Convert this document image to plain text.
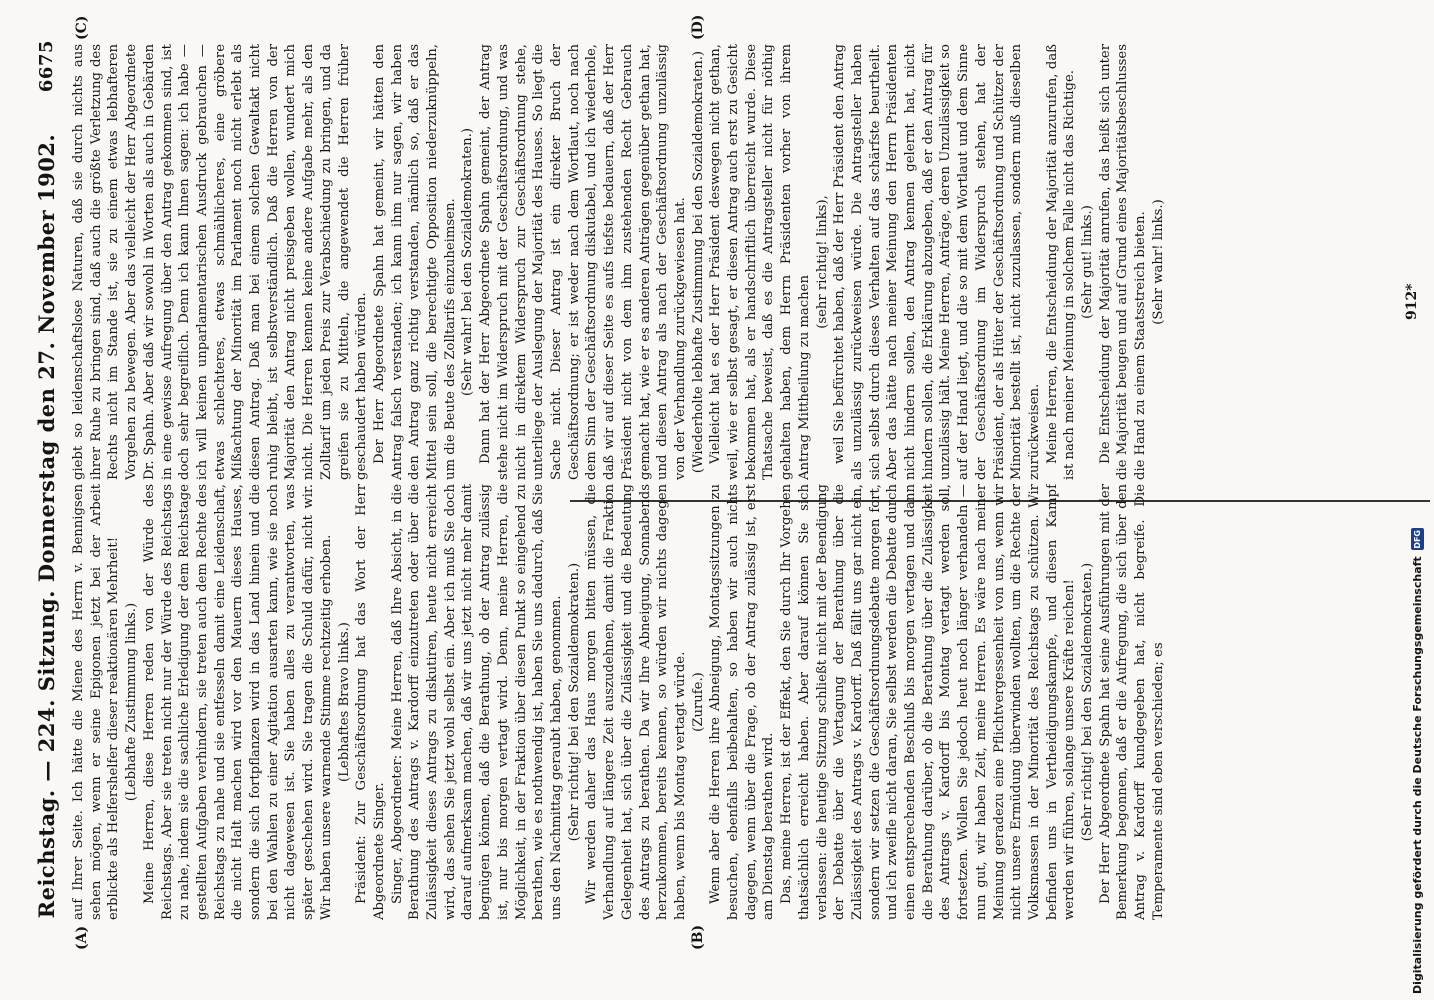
Reichstag. — 224. Sitzung. Donnerstag den 27. November 1902.
6675
(A)	(B)
(C)	(D)

auf Ihrer Seite. Ich hätte die Miene des Herrn v. Bennigsen sehen mögen, wenn er seine Epigonen jetzt bei der Arbeit erblickte als Helfershelfer dieser reaktionären Mehrheit! (Lebhafte Zustimmung links.) Meine Herren, diese Herren reden von der Würde des Reichstags. Aber sie treten nicht nur der Würde des Reichstags zu nahe, indem sie die sachliche Erledigung der dem Reichstage gestellten Aufgaben verhindern, sie treten auch dem Rechte des Reichstags zu nahe und sie entfesseln damit eine Leidenschaft, die nicht Halt machen wird vor den Mauern dieses Hauses, sondern die sich fortpflanzen wird in das Land hinein und die bei den Wahlen zu einer Agitation ausarten kann, wie sie noch nicht dagewesen ist. Sie haben alles zu verantworten, was später geschehen wird. Sie tragen die Schuld dafür, nicht wir. Wir haben unsere warnende Stimme rechtzeitig erhoben. (Lebhaftes Bravo links.) Präsident: Zur Geschäftsordnung hat das Wort der Herr Abgeordnete Singer. Singer, Abgeordneter: Meine Herren, daß Ihre Absicht, in die Berathung des Antrags v. Kardorff einzutreten oder über die Zulässigkeit dieses Antrags zu diskutiren, heute nicht erreicht wird, das sehen Sie jetzt wohl selbst ein. Aber ich muß Sie doch darauf aufmerksam machen, daß wir uns jetzt nicht mehr damit begnügen können, daß die Berathung, ob der Antrag zulässig ist, nur bis morgen vertagt wird. Denn, meine Herren, die Möglichkeit, in der Fraktion über diesen Punkt so eingehend zu berathen, wie es nothwendig ist, haben Sie uns dadurch, daß Sie uns den Nachmittag geraubt haben, genommen. (Sehr richtig! bei den Sozialdemokraten.) Wir werden daher das Haus morgen bitten müssen, die Verhandlung auf längere Zeit auszudehnen, damit die Fraktion Gelegenheit hat, sich über die Zulässigkeit und die Bedeutung des Antrags zu berathen. Da wir Ihre Abneigung, Sonnabends herzukommen, bereits kennen, so würden wir nichts dagegen haben, wenn bis Montag vertagt würde. (Zurufe.) Wenn aber die Herren ihre Abneigung, Montagssitzungen zu besuchen, ebenfalls beibehalten, so haben wir auch nichts dagegen, wenn über die Frage, ob der Antrag zulässig ist, erst am Dienstag berathen wird. Das, meine Herren, ist der Effekt, den Sie durch Ihr Vorgehen thatsächlich erreicht haben. Aber darauf können Sie sich verlassen: die heutige Sitzung schließt nicht mit der Beendigung der Debatte über die Vertagung der Berathung über die Zulässigkeit des Antrags v. Kardorff. Daß fällt uns gar nicht ein, sondern wir setzen die Geschäftsordnungsdebatte morgen fort, und ich zweifle nicht daran, Sie selbst werden die Debatte durch einen entsprechenden Beschluß bis morgen vertagen und dann die Berathung darüber, ob die Berathung über die Zulässigkeit des Antrags v. Kardorff bis Montag vertagt werden soll, fortsetzen. Wollen Sie jedoch heut noch länger verhandeln — nun gut, wir haben Zeit, meine Herren. Es wäre nach meiner Meinung geradezu eine Pflichtvergessenheit von uns, wenn wir nicht unsere Ermüdung überwinden wollten, um die Rechte der Volksmassen in der Minorität des Reichstags zu schützen. Wir befinden uns in Vertheidigungskampfe, und diesen Kampf werden wir führen, solange unsere Kräfte reichen! (Sehr richtig! bei den Sozialdemokraten.) Der Herr Abgeordnete Spahn hat seine Ausführungen mit der Bemerkung begonnen, daß er die Aufregung, die sich über den Antrag v. Kardorff kundgegeben hat, nicht begreife. Die Temperamente sind eben verschieden; es

giebt so leidenschaftslose Naturen, daß sie durch nichts aus ihrer Ruhe zu bringen sind, daß auch die größte Verletzung des Rechts nicht im Stande ist, sie zu einem etwas lebhafteren Vorgehen zu bewegen. Aber das vielleicht der Herr Abgeordnete Dr. Spahn. Aber daß wir sowohl in Worten als auch in Gebärden in eine gewisse Aufregung über den Antrag gekommen sind, ist doch sehr begreiflich. Denn ich kann Ihnen sagen: ich habe — ich will keinen unparlamentarischen Ausdruck gebrauchen — etwas schlechteres, etwas schmählicheres, eine gröbere Mißachtung der Minorität im Parlament noch nicht erlebt als diesen Antrag. Daß man bei einem solchen Gewaltakt nicht ruhig bleibt, ist selbstverständlich. Daß die Herren von der Majorität den Antrag nicht preisgeben wollen, wundert mich nicht. Die Herren kennen keine andere Aufgabe mehr, als den Zolltarif um jeden Preis zur Verabschiedung zu bringen, und da greifen sie zu Mitteln, die angewendet die Herren früher geschaudert haben würden. Der Herr Abgeordnete Spahn hat gemeint, wir hätten den Antrag falsch verstanden; ich kann ihm nur sagen, wir haben den Antrag ganz richtig verstanden, nämlich so, daß er das Mittel sein soll, die berechtigte Opposition niederzuknüppeln, um die Beute des Zolltarifs einzuheimsen. (Sehr wahr! bei den Sozialdemokraten.) Dann hat der Herr Abgeordnete Spahn gemeint, der Antrag stehe nicht im Widerspruch mit der Geschäftsordnung, und was nicht in direktem Widerspruch zur Geschäftsordnung stehe, unterliege der Auslegung der Majorität des Hauses. So liegt die Sache nicht. Dieser Antrag ist ein direkter Bruch der Geschäftsordnung; er ist weder nach dem Wortlaut, noch nach dem Sinn der Geschäftsordnung diskutabel, und ich wiederhole, daß wir auf dieser Seite es aufs tiefste bedauern, daß der Herr Präsident nicht von dem ihm zustehenden Recht Gebrauch gemacht hat, wie er es anderen Anträgen gegenüber gethan hat, und diesen Antrag als nach der Geschäftsordnung unzulässig von der Verhandlung zurückgewiesen hat. (Wiederholte lebhafte Zustimmung bei den Sozialdemokraten.) Vielleicht hat es der Herr Präsident deswegen nicht gethan, weil, wie er selbst gesagt, er diesen Antrag auch erst zu Gesicht bekommen hat, als er handschriftlich überreicht wurde. Diese Thatsache beweist, daß es die Antragsteller nicht für nöthig gehalten haben, dem Herrn Präsidenten vorher von ihrem Antrag Mittheilung zu machen

(sehr richtig! links), weil Sie befürchtet haben, daß der Herr Präsident den Antrag als unzulässig zurückweisen würde. Die Antragsteller haben sich selbst durch dieses Verhalten auf das schärfste beurtheilt. Aber das hätte nach meiner Meinung den Herrn Präsidenten nicht hindern sollen, den Antrag kennen gelernt hat, nicht hindern sollen, die Erklärung abzugeben, daß er den Antrag für unzulässig hält. Meine Herren, Anträge, deren Unzulässigkeit so auf der Hand liegt, und die so mit dem Wortlaut und dem Sinne der Geschäftsordnung im Widerspruch stehen, hat der Präsident, der als Hüter der Geschäftsordnung und Schützer der Minorität bestellt ist, nicht zuzulassen, sondern muß dieselben zurückweisen. Meine Herren, die Entscheidung der Majorität anzurufen, daß ist nach meiner Meinung in solchem Falle nicht das Richtige. (Sehr gut! links.) Die Entscheidung der Majorität anrufen, das heißt sich unter die Majorität beugen und auf Grund eines Majoritätsbeschlusses die Hand zu einem Staatsstreich bieten. (Sehr wahr! links.)	912*
Digitalisierung gefördert durch die Deutsche Forschungsgemeinschaft
DFG
